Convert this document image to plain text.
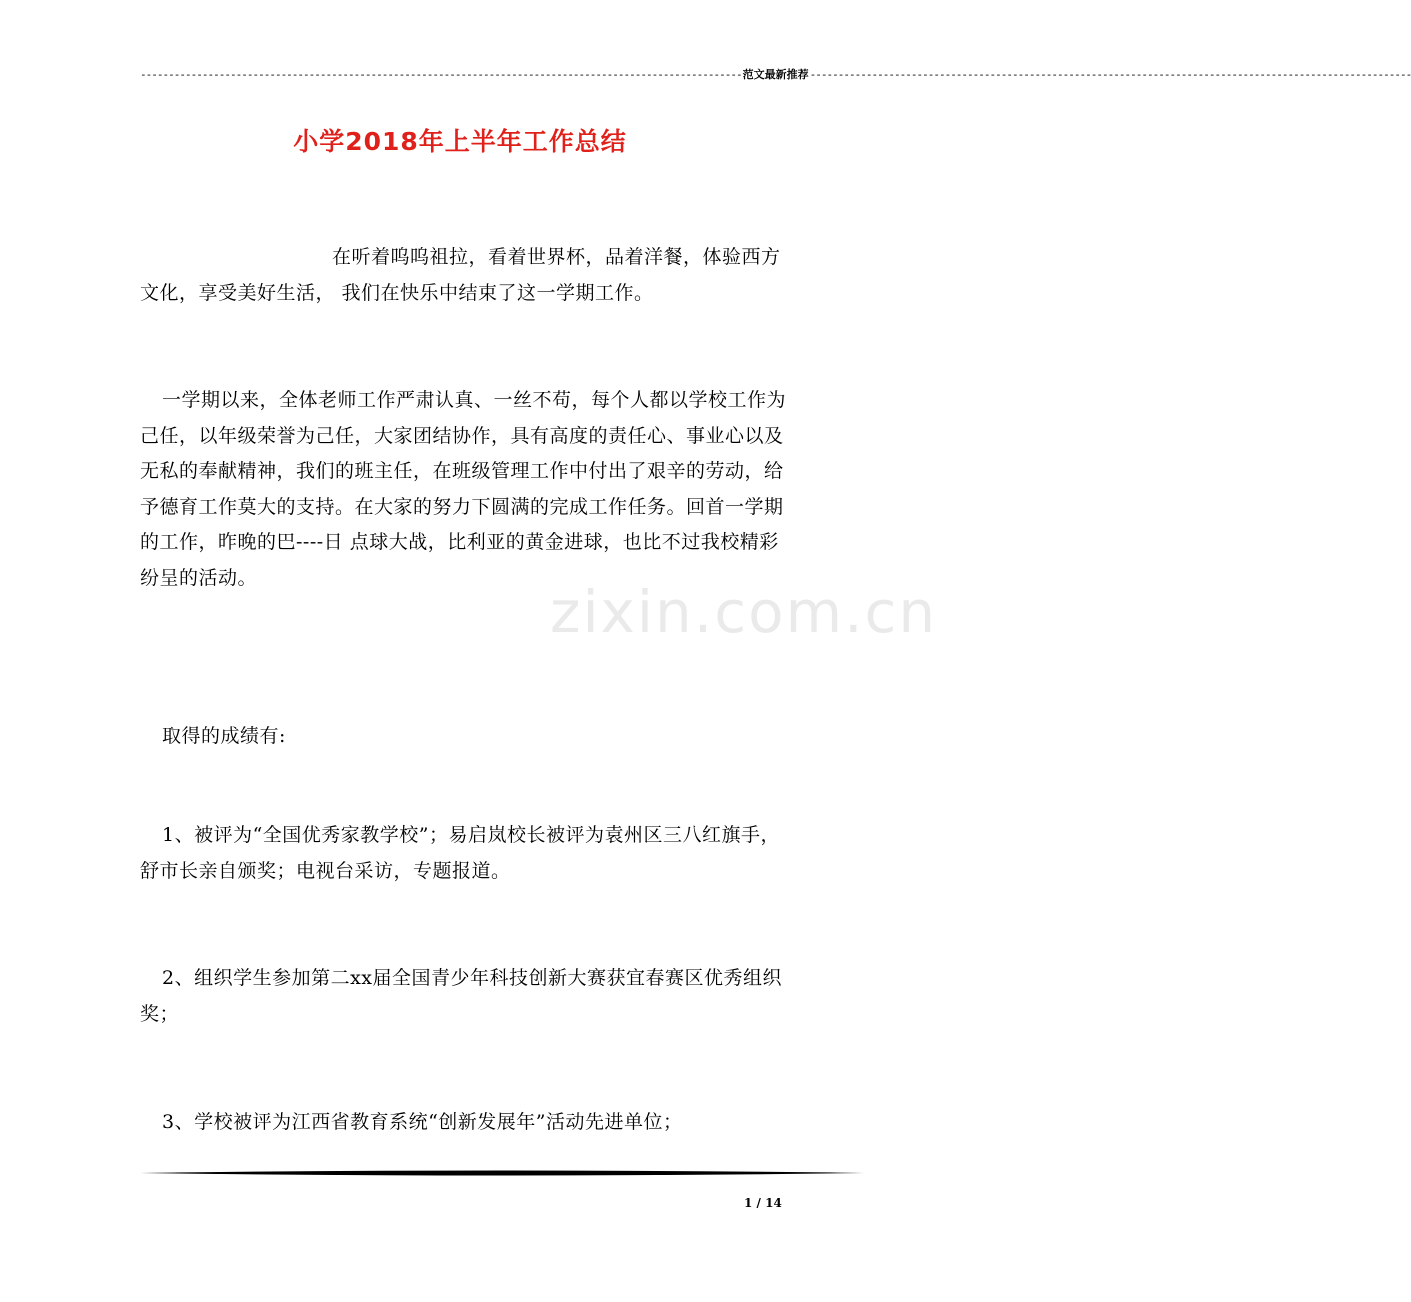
----------------------------------------------------------------------------------------------------------- 范文最新推荐 -----------------------------------------------------------------------------------------------------------
小学2018年上半年工作总结
zixin.com.cn
在听着呜呜祖拉，看着世界杯，品着洋餐，体验西方文化，享受美好生活， 我们在快乐中结束了这一学期工作。
一学期以来，全体老师工作严肃认真、一丝不苟，每个人都以学校工作为己任，以年级荣誉为己任，大家团结协作，具有高度的责任心、事业心以及无私的奉献精神，我们的班主任，在班级管理工作中付出了艰辛的劳动，给予德育工作莫大的支持。在大家的努力下圆满的完成工作任务。回首一学期的工作，昨晚的巴----日 点球大战，比利亚的黄金进球，也比不过我校精彩纷呈的活动。
取得的成绩有:
1、被评为“全国优秀家教学校”；易启岚校长被评为袁州区三八红旗手，舒市长亲自颁奖；电视台采访，专题报道。
2、组织学生参加第二xx届全国青少年科技创新大赛获宜春赛区优秀组织奖；
3、学校被评为江西省教育系统“创新发展年”活动先进单位；
1 / 14
